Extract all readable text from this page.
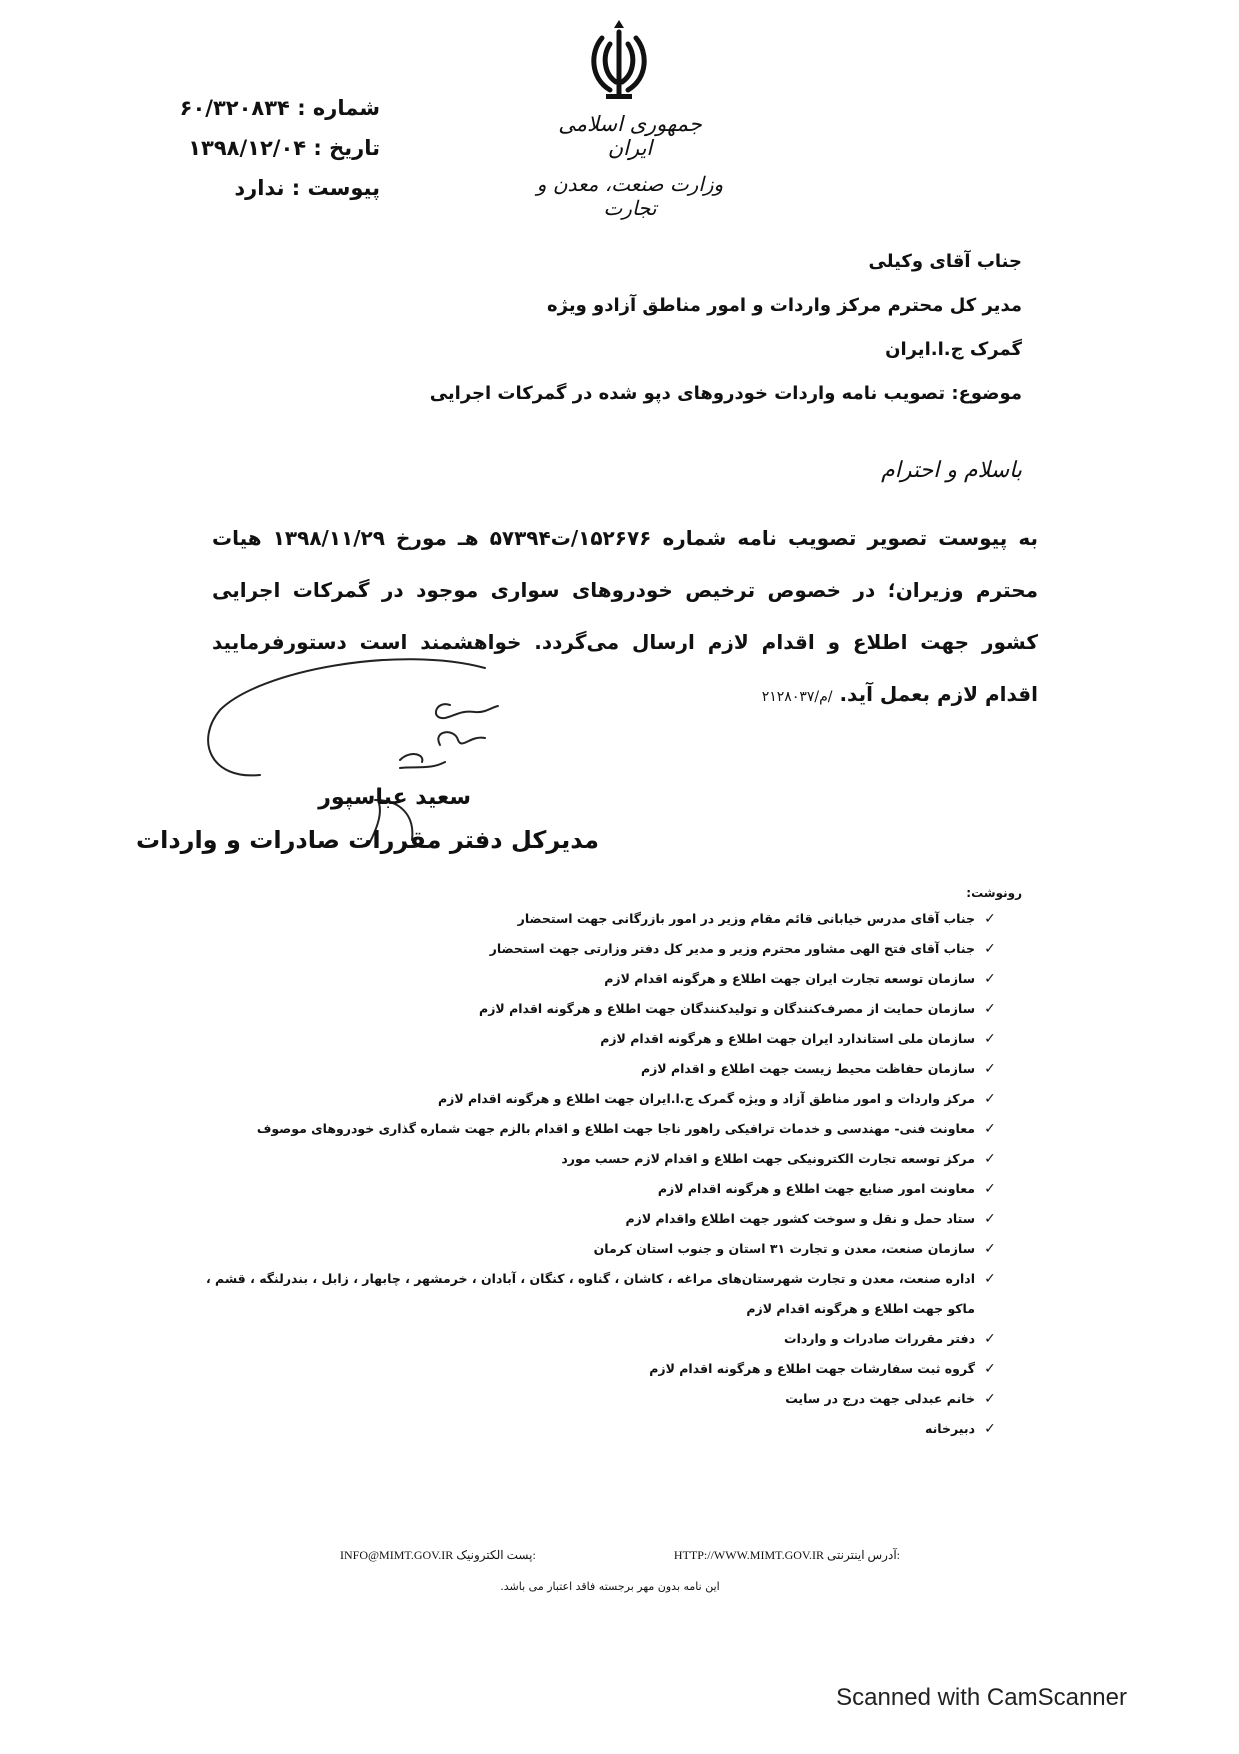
جمهوری اسلامی ایران
وزارت صنعت، معدن و تجارت
شماره : ۶۰/۳۲۰۸۳۴
تاریخ : ۱۳۹۸/۱۲/۰۴
پیوست : ندارد
جناب آقای وکیلی
مدیر کل محترم مرکز واردات و امور مناطق آزادو ویژه
گمرک ج.ا.ایران
موضوع: تصویب نامه واردات خودروهای دپو شده در گمرکات اجرایی
باسلام و احترام
به پیوست تصویر تصویب نامه شماره ۱۵۲۶۷۶/ت۵۷۳۹۴ هـ مورخ ۱۳۹۸/۱۱/۲۹ هیات محترم وزیران؛ در خصوص ترخیص خودروهای سواری موجود در گمرکات اجرایی کشور جهت اطلاع و اقدام لازم ارسال می‌گردد. خواهشمند است دستورفرمایید اقدام لازم بعمل آید. /م/۲۱۲۸۰۳۷
سعید عباسپور
مدیرکل دفتر مقررات صادرات و واردات
رونوشت:
✓
جناب آقای مدرس خیابانی قائم مقام وزیر در امور بازرگانی جهت استحضار
✓
جناب آقای فتح الهی مشاور محترم وزیر و مدیر کل دفتر وزارتی جهت استحضار
✓
سازمان توسعه تجارت ایران جهت اطلاع و هرگونه اقدام لازم
✓
سازمان حمایت از مصرف‌کنندگان و تولیدکنندگان جهت اطلاع و هرگونه اقدام لازم
✓
سازمان ملی استاندارد ایران جهت اطلاع و هرگونه اقدام لازم
✓
سازمان حفاظت محیط زیست جهت اطلاع و اقدام لازم
✓
مرکز واردات و امور مناطق آزاد و ویژه گمرک ج.ا.ایران جهت اطلاع و هرگونه اقدام لازم
✓
معاونت فنی- مهندسی و خدمات ترافیکی راهور ناجا جهت اطلاع و اقدام بالزم جهت شماره گذاری خودروهای موصوف
✓
مرکز توسعه تجارت الکترونیکی جهت اطلاع و اقدام لازم حسب مورد
✓
معاونت امور صنایع جهت اطلاع و هرگونه اقدام لازم
✓
ستاد حمل و نقل و سوخت کشور جهت اطلاع واقدام لازم
✓
سازمان صنعت، معدن و تجارت ۳۱ استان و جنوب استان کرمان
✓
اداره صنعت، معدن و تجارت شهرستان‌های مراغه ، کاشان ، گناوه ، کنگان ، آبادان ، خرمشهر ، چابهار ، زابل ، بندرلنگه ، قشم ، ماکو جهت اطلاع و هرگونه اقدام لازم
✓
دفتر مقررات صادرات و واردات
✓
گروه ثبت سفارشات جهت اطلاع و هرگونه اقدام لازم
✓
خانم عبدلی جهت درج در سایت
✓
دبیرخانه
INFO@MIMT.GOV.IR پست الکترونیک:	HTTP://WWW.MIMT.GOV.IR آدرس اینترنتی:
این نامه بدون مهر برجسته فاقد اعتبار می باشد.
Scanned with CamScanner
